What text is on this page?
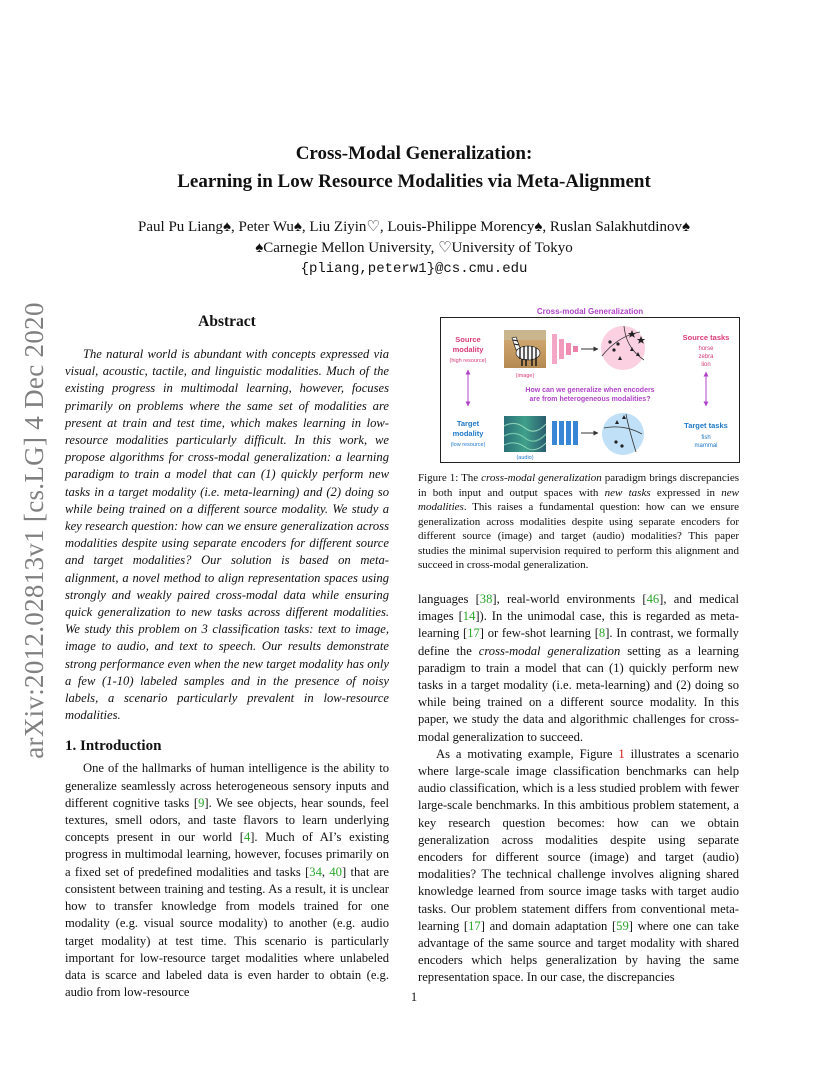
arXiv:2012.02813v1 [cs.LG] 4 Dec 2020
Cross-Modal Generalization:
Learning in Low Resource Modalities via Meta-Alignment
Paul Pu Liang♠, Peter Wu♠, Liu Ziyin♡, Louis-Philippe Morency♠, Ruslan Salakhutdinov♠
♠Carnegie Mellon University, ♡University of Tokyo
{pliang,peterw1}@cs.cmu.edu
Abstract

The natural world is abundant with concepts expressed via visual, acoustic, tactile, and linguistic modalities. Much of the existing progress in multimodal learning, however, focuses primarily on problems where the same set of modalities are present at train and test time, which makes learning in low-resource modalities particularly difficult. In this work, we propose algorithms for cross-modal generalization: a learning paradigm to train a model that can (1) quickly perform new tasks in a target modality (i.e. meta-learning) and (2) doing so while being trained on a different source modality. We study a key research question: how can we ensure generalization across modalities despite using separate encoders for different source and target modalities? Our solution is based on meta-alignment, a novel method to align representation spaces using strongly and weakly paired cross-modal data while ensuring quick generalization to new tasks across different modalities. We study this problem on 3 classification tasks: text to image, image to audio, and text to speech. Our results demonstrate strong performance even when the new target modality has only a few (1-10) labeled samples and in the presence of noisy labels, a scenario particularly prevalent in low-resource modalities.

1. Introduction

One of the hallmarks of human intelligence is the ability to generalize seamlessly across heterogeneous sensory inputs and different cognitive tasks [9]. We see objects, hear sounds, feel textures, smell odors, and taste flavors to learn underlying concepts present in our world [4]. Much of AI’s existing progress in multimodal learning, however, focuses primarily on a fixed set of predefined modalities and tasks [34, 40] that are consistent between training and testing. As a result, it is unclear how to transfer knowledge from models trained for one modality (e.g. visual source modality) to another (e.g. audio target modality) at test time. This scenario is particularly important for low-resource target modalities where unlabeled data is scarce and labeled data is even harder to obtain (e.g. audio from low-resource

Cross-modal Generalization
Source
modality
(high resource)
(image)
Source tasks
horse
zebra
lion
How can we generalize when encoders
are from heterogeneous modalities?
Target
modality
(low resource)
(audio)
Target tasks
fish
mammal

Figure 1: The cross-modal generalization paradigm brings discrepancies in both input and output spaces with new tasks expressed in new modalities. This raises a fundamental question: how can we ensure generalization across modalities despite using separate encoders for different source (image) and target (audio) modalities? This paper studies the minimal supervision required to perform this alignment and succeed in cross-modal generalization.

languages [38], real-world environments [46], and medical images [14]). In the unimodal case, this is regarded as meta-learning [17] or few-shot learning [8]. In contrast, we formally define the cross-modal generalization setting as a learning paradigm to train a model that can (1) quickly perform new tasks in a target modality (i.e. meta-learning) and (2) doing so while being trained on a different source modality. In this paper, we study the data and algorithmic challenges for cross-modal generalization to succeed.

As a motivating example, Figure 1 illustrates a scenario where large-scale image classification benchmarks can help audio classification, which is a less studied problem with fewer large-scale benchmarks. In this ambitious problem statement, a key research question becomes: how can we obtain generalization across modalities despite using separate encoders for different source (image) and target (audio) modalities? The technical challenge involves aligning shared knowledge learned from source image tasks with target audio tasks. Our problem statement differs from conventional meta-learning [17] and domain adaptation [59] where one can take advantage of the same source and target modality with shared encoders which helps generalization by having the same representation space. In our case, the discrepancies

1
